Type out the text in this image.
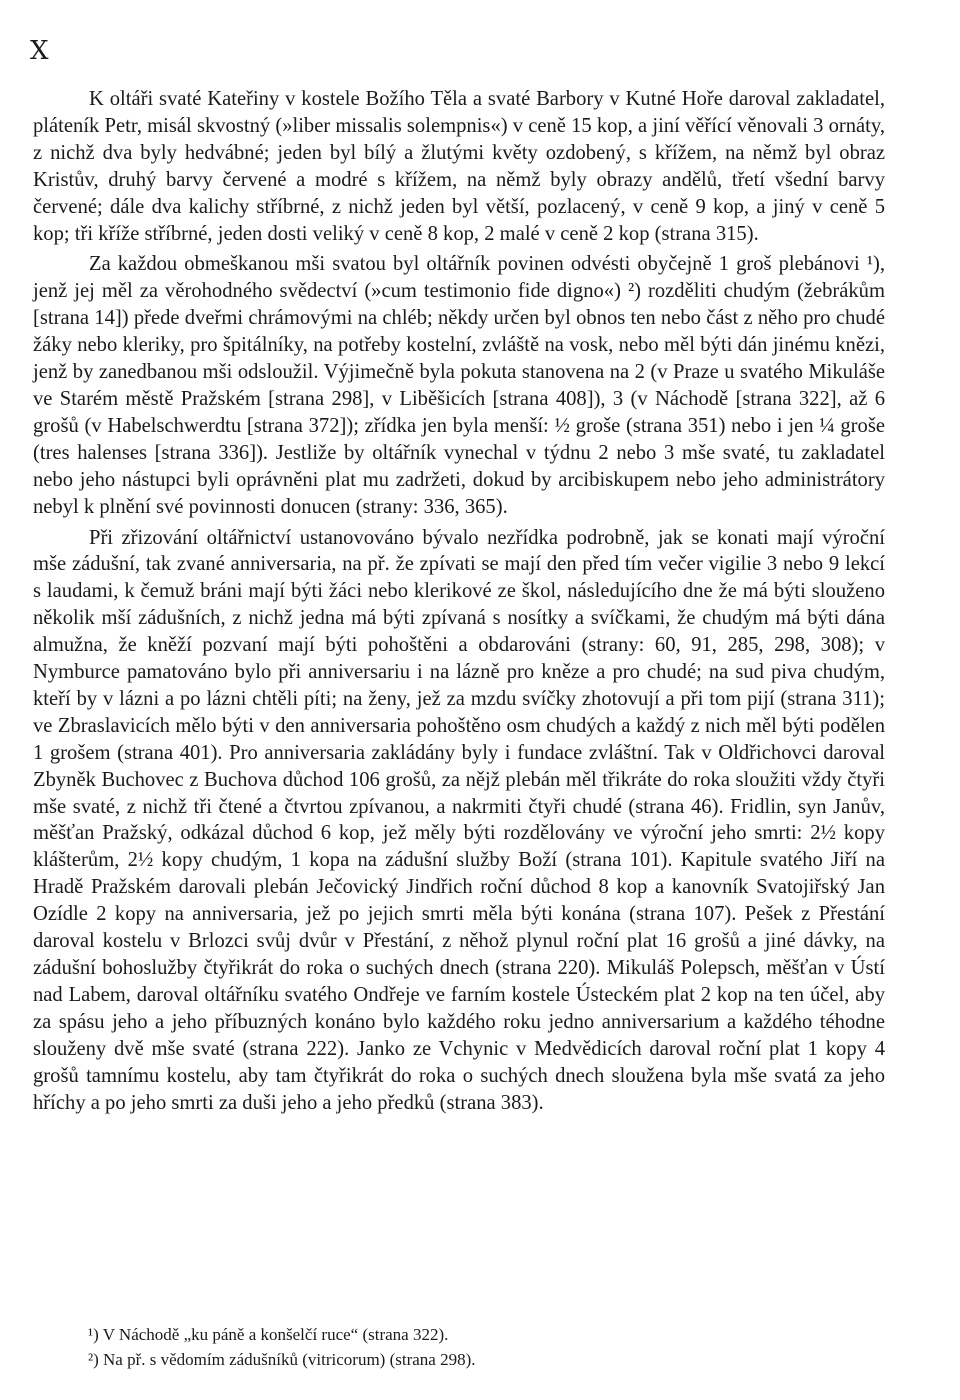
X

K oltáři svaté Kateřiny v kostele Božího Těla a svaté Barbory v Kutné Hoře daroval zakladatel, pláteník Petr, misál skvostný (»liber missalis solempnis«) v ceně 15 kop, a jiní věřící věnovali 3 ornáty, z nichž dva byly hedvábné; jeden byl bílý a žlutými květy ozdobený, s křížem, na němž byl obraz Kristův, druhý barvy červené a modré s křížem, na němž byly obrazy andělů, třetí všední barvy červené; dále dva kalichy stříbrné, z nichž jeden byl větší, pozlacený, v ceně 9 kop, a jiný v ceně 5 kop; tři kříže stříbrné, jeden dosti veliký v ceně 8 kop, 2 malé v ceně 2 kop (strana 315).

Za každou obmeškanou mši svatou byl oltářník povinen odvésti obyčejně 1 groš plebánovi ¹), jenž jej měl za věrohodného svědectví (»cum testimonio fide digno«) ²) rozděliti chudým (žebrákům [strana 14]) přede dveřmi chrámovými na chléb; někdy určen byl obnos ten nebo část z něho pro chudé žáky nebo kleriky, pro špitálníky, na potřeby kostelní, zvláště na vosk, nebo měl býti dán jinému knězi, jenž by zanedbanou mši odsloužil. Výjimečně byla pokuta stanovena na 2 (v Praze u svatého Mikuláše ve Starém městě Pražském [strana 298], v Liběšicích [strana 408]), 3 (v Náchodě [strana 322], až 6 grošů (v Habelschwerdtu [strana 372]); zřídka jen byla menší: ½ groše (strana 351) nebo i jen ¼ groše (tres halenses [strana 336]). Jestliže by oltářník vynechal v týdnu 2 nebo 3 mše svaté, tu zakladatel nebo jeho nástupci byli oprávněni plat mu zadržeti, dokud by arcibiskupem nebo jeho administrátory nebyl k plnění své povinnosti donucen (strany: 336, 365).

Při zřizování oltářnictví ustanovováno bývalo nezřídka podrobně, jak se konati mají výroční mše zádušní, tak zvané anniversaria, na př. že zpívati se mají den před tím večer vigilie 3 nebo 9 lekcí s laudami, k čemuž bráni mají býti žáci nebo klerikové ze škol, následujícího dne že má býti slouženo několik mší zádušních, z nichž jedna má býti zpívaná s nosítky a svíčkami, že chudým má býti dána almužna, že kněží pozvaní mají býti pohoštěni a obdarováni (strany: 60, 91, 285, 298, 308); v Nymburce pamatováno bylo při anniversariu i na lázně pro kněze a pro chudé; na sud piva chudým, kteří by v lázni a po lázni chtěli píti; na ženy, jež za mzdu svíčky zhotovují a při tom pijí (strana 311); ve Zbraslavicích mělo býti v den anniversaria pohoštěno osm chudých a každý z nich měl býti podělen 1 grošem (strana 401). Pro anniversaria zakládány byly i fundace zvláštní. Tak v Oldřichovci daroval Zbyněk Buchovec z Buchova důchod 106 grošů, za nějž plebán měl třikráte do roka sloužiti vždy čtyři mše svaté, z nichž tři čtené a čtvrtou zpívanou, a nakrmiti čtyři chudé (strana 46). Fridlin, syn Janův, měšťan Pražský, odkázal důchod 6 kop, jež měly býti rozdělovány ve výroční jeho smrti: 2½ kopy klášterům, 2½ kopy chudým, 1 kopa na zádušní služby Boží (strana 101). Kapitule svatého Jiří na Hradě Pražském darovali plebán Ječovický Jindřich roční důchod 8 kop a kanovník Svatojiřský Jan Ozídle 2 kopy na anniversaria, jež po jejich smrti měla býti konána (strana 107). Pešek z Přestání daroval kostelu v Brlozci svůj dvůr v Přestání, z něhož plynul roční plat 16 grošů a jiné dávky, na zádušní bohoslužby čtyřikrát do roka o suchých dnech (strana 220). Mikuláš Polepsch, měšťan v Ústí nad Labem, daroval oltářníku svatého Ondřeje ve farním kostele Ústeckém plat 2 kop na ten účel, aby za spásu jeho a jeho příbuzných konáno bylo každého roku jedno anniversarium a každého téhodne slouženy dvě mše svaté (strana 222). Janko ze Vchynic v Medvědicích daroval roční plat 1 kopy 4 grošů tamnímu kostelu, aby tam čtyřikrát do roka o suchých dnech sloužena byla mše svatá za jeho hříchy a po jeho smrti za duši jeho a jeho předků (strana 383).

¹) V Náchodě „ku páně a konšelčí ruce“ (strana 322).

²) Na př. s vědomím zádušníků (vitricorum) (strana 298).
